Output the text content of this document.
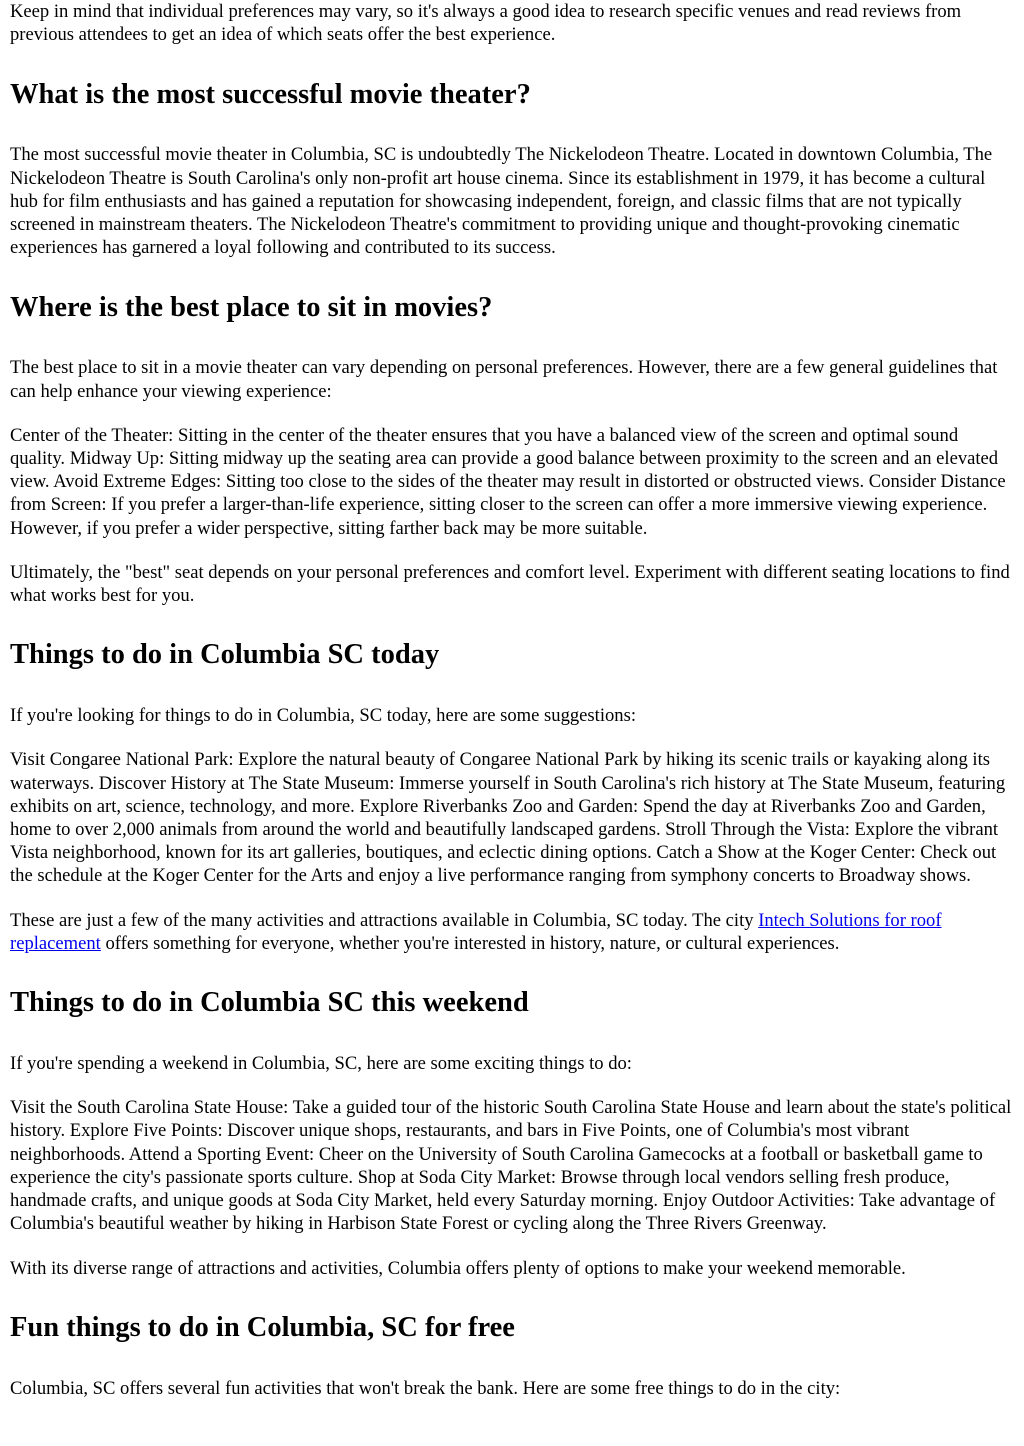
Keep in mind that individual preferences may vary, so it's always a good idea to research specific venues and read reviews from previous attendees to get an idea of which seats offer the best experience.

What is the most successful movie theater?

The most successful movie theater in Columbia, SC is undoubtedly The Nickelodeon Theatre. Located in downtown Columbia, The Nickelodeon Theatre is South Carolina's only non-profit art house cinema. Since its establishment in 1979, it has become a cultural hub for film enthusiasts and has gained a reputation for showcasing independent, foreign, and classic films that are not typically screened in mainstream theaters. The Nickelodeon Theatre's commitment to providing unique and thought-provoking cinematic experiences has garnered a loyal following and contributed to its success.

Where is the best place to sit in movies?

The best place to sit in a movie theater can vary depending on personal preferences. However, there are a few general guidelines that can help enhance your viewing experience:

Center of the Theater: Sitting in the center of the theater ensures that you have a balanced view of the screen and optimal sound quality. Midway Up: Sitting midway up the seating area can provide a good balance between proximity to the screen and an elevated view. Avoid Extreme Edges: Sitting too close to the sides of the theater may result in distorted or obstructed views. Consider Distance from Screen: If you prefer a larger-than-life experience, sitting closer to the screen can offer a more immersive viewing experience. However, if you prefer a wider perspective, sitting farther back may be more suitable.

Ultimately, the "best" seat depends on your personal preferences and comfort level. Experiment with different seating locations to find what works best for you.

Things to do in Columbia SC today

If you're looking for things to do in Columbia, SC today, here are some suggestions:

Visit Congaree National Park: Explore the natural beauty of Congaree National Park by hiking its scenic trails or kayaking along its waterways. Discover History at The State Museum: Immerse yourself in South Carolina's rich history at The State Museum, featuring exhibits on art, science, technology, and more. Explore Riverbanks Zoo and Garden: Spend the day at Riverbanks Zoo and Garden, home to over 2,000 animals from around the world and beautifully landscaped gardens. Stroll Through the Vista: Explore the vibrant Vista neighborhood, known for its art galleries, boutiques, and eclectic dining options. Catch a Show at the Koger Center: Check out the schedule at the Koger Center for the Arts and enjoy a live performance ranging from symphony concerts to Broadway shows.

These are just a few of the many activities and attractions available in Columbia, SC today. The city Intech Solutions for roof replacement offers something for everyone, whether you're interested in history, nature, or cultural experiences.

Things to do in Columbia SC this weekend

If you're spending a weekend in Columbia, SC, here are some exciting things to do:

Visit the South Carolina State House: Take a guided tour of the historic South Carolina State House and learn about the state's political history. Explore Five Points: Discover unique shops, restaurants, and bars in Five Points, one of Columbia's most vibrant neighborhoods. Attend a Sporting Event: Cheer on the University of South Carolina Gamecocks at a football or basketball game to experience the city's passionate sports culture. Shop at Soda City Market: Browse through local vendors selling fresh produce, handmade crafts, and unique goods at Soda City Market, held every Saturday morning. Enjoy Outdoor Activities: Take advantage of Columbia's beautiful weather by hiking in Harbison State Forest or cycling along the Three Rivers Greenway.

With its diverse range of attractions and activities, Columbia offers plenty of options to make your weekend memorable.

Fun things to do in Columbia, SC for free

Columbia, SC offers several fun activities that won't break the bank. Here are some free things to do in the city:
